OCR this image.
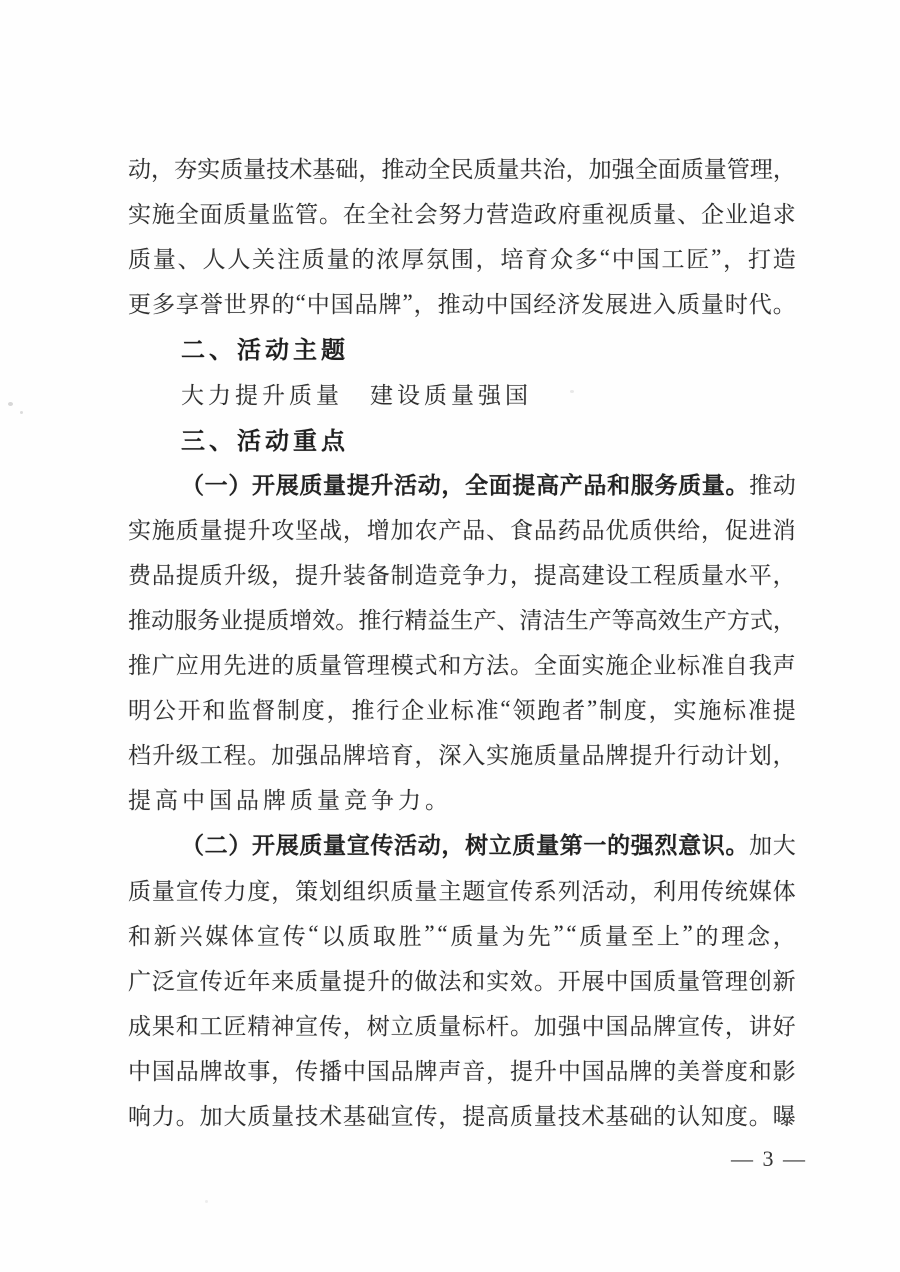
动 ， 夯 实 质 量 技 术 基 础 ， 推 动 全 民 质 量 共 治 ， 加 强 全 面 质 量 管 理 ，
实 施 全 面 质 量 监 管 。 在 全 社 会 努 力 营 造 政 府 重 视 质 量 、 企 业 追 求
质 量 、 人 人 关 注 质 量 的 浓 厚 氛 围 ， 培 育 众 多 “ 中 国 工 匠 ” ， 打 造
更 多 享 誉 世 界 的 “ 中 国 品 牌 ” ， 推 动 中 国 经 济 发 展 进 入 质 量 时 代 。
二、活动主题
大力提升质量　建设质量强国
三、活动重点
（ 一 ） 开 展 质 量 提 升 活 动 ， 全 面 提 高 产 品 和 服 务 质 量 。 推 动
实 施 质 量 提 升 攻 坚 战 ， 增 加 农 产 品 、 食 品 药 品 优 质 供 给 ， 促 进 消
费 品 提 质 升 级 ， 提 升 装 备 制 造 竞 争 力 ， 提 高 建 设 工 程 质 量 水 平 ，
推 动 服 务 业 提 质 增 效 。 推 行 精 益 生 产 、 清 洁 生 产 等 高 效 生 产 方 式 ，
推 广 应 用 先 进 的 质 量 管 理 模 式 和 方 法 。 全 面 实 施 企 业 标 准 自 我 声
明 公 开 和 监 督 制 度 ， 推 行 企 业 标 准 “ 领 跑 者 ” 制 度 ， 实 施 标 准 提
档 升 级 工 程 。 加 强 品 牌 培 育 ， 深 入 实 施 质 量 品 牌 提 升 行 动 计 划 ，
提高中国品牌质量竞争力。
（ 二 ） 开 展 质 量 宣 传 活 动 ， 树 立 质 量 第 一 的 强 烈 意 识 。 加 大
质 量 宣 传 力 度 ， 策 划 组 织 质 量 主 题 宣 传 系 列 活 动 ， 利 用 传 统 媒 体
和 新 兴 媒 体 宣 传 “ 以 质 取 胜 ” “ 质 量 为 先 ” “ 质 量 至 上 ” 的 理 念 ，
广 泛 宣 传 近 年 来 质 量 提 升 的 做 法 和 实 效 。 开 展 中 国 质 量 管 理 创 新
成 果 和 工 匠 精 神 宣 传 ， 树 立 质 量 标 杆 。 加 强 中 国 品 牌 宣 传 ， 讲 好
中 国 品 牌 故 事 ， 传 播 中 国 品 牌 声 音 ， 提 升 中 国 品 牌 的 美 誉 度 和 影
响 力 。 加 大 质 量 技 术 基 础 宣 传 ， 提 高 质 量 技 术 基 础 的 认 知 度 。 曝
— 3 —
